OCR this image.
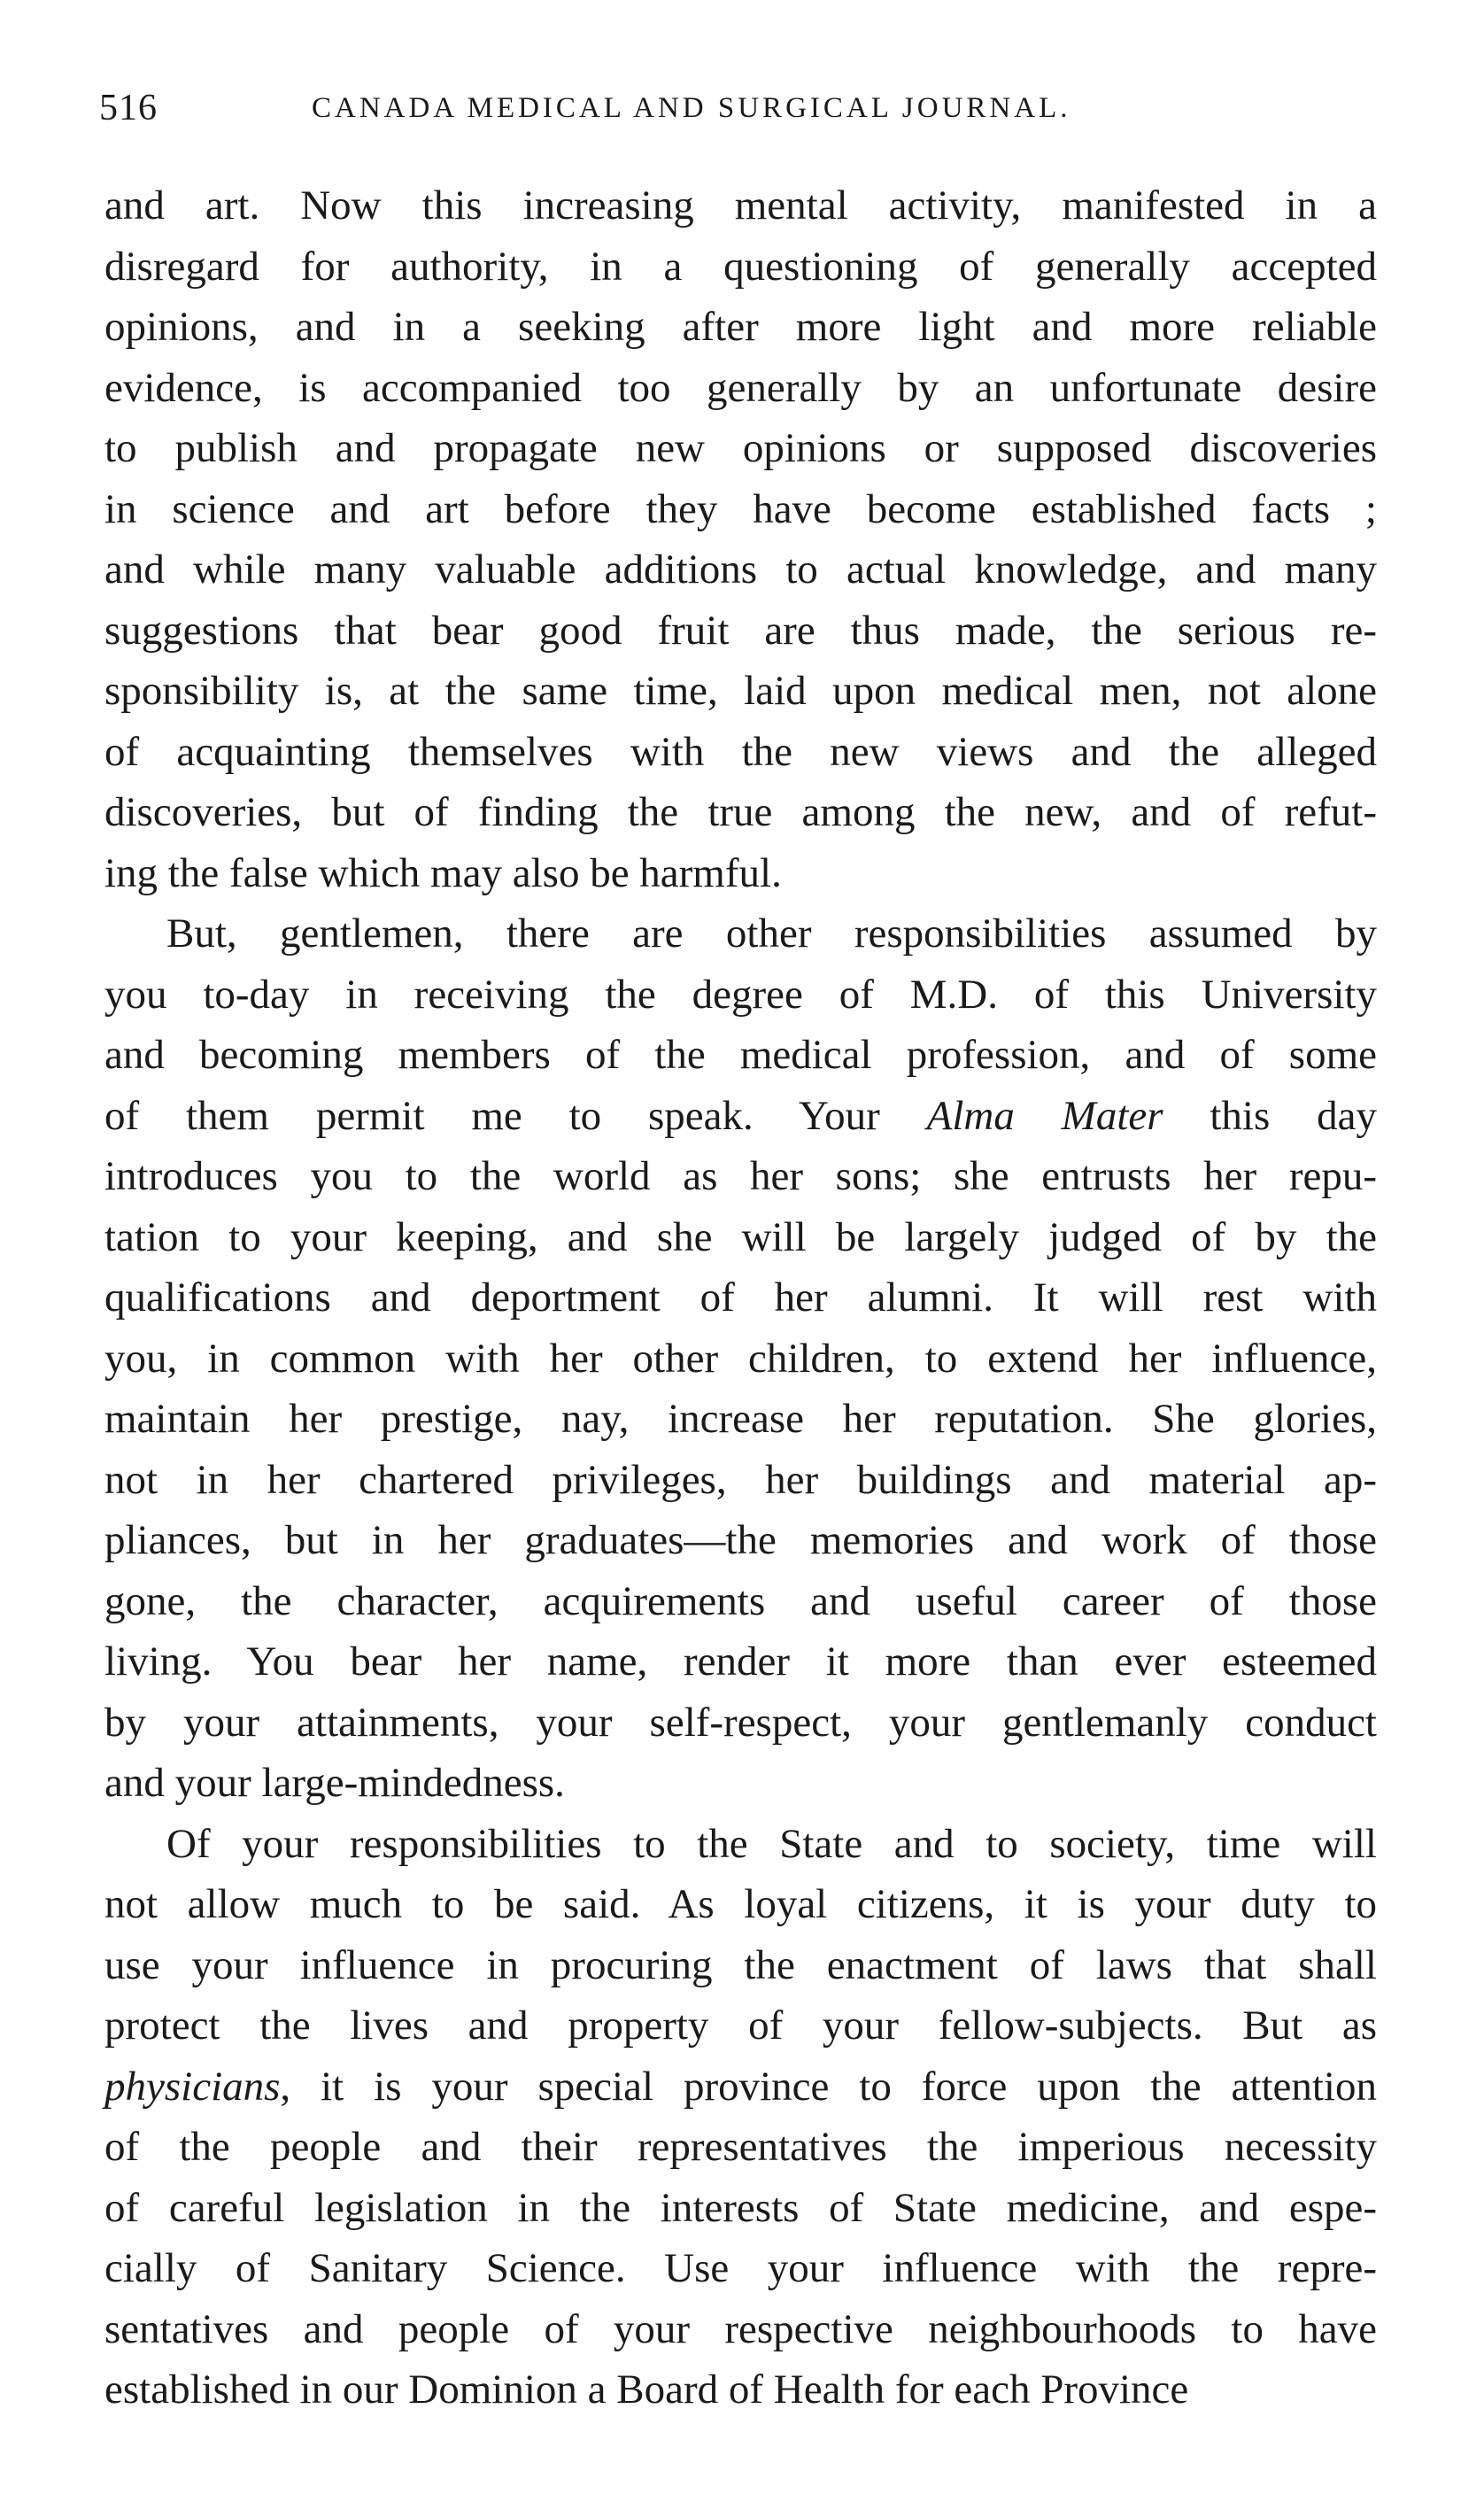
516	CANADA MEDICAL AND SURGICAL JOURNAL.
and art. Now this increasing mental activity, manifested in a
disregard for authority, in a questioning of generally accepted
opinions, and in a seeking after more light and more reliable
evidence, is accompanied too generally by an unfortunate desire
to publish and propagate new opinions or supposed discoveries
in science and art before they have become established facts ;
and while many valuable additions to actual knowledge, and many
suggestions that bear good fruit are thus made, the serious re-
sponsibility is, at the same time, laid upon medical men, not alone
of acquainting themselves with the new views and the alleged
discoveries, but of finding the true among the new, and of refut-
ing the false which may also be harmful.
But, gentlemen, there are other responsibilities assumed by
you to-day in receiving the degree of M.D. of this University
and becoming members of the medical profession, and of some
of them permit me to speak. Your Alma Mater this day
introduces you to the world as her sons; she entrusts her repu-
tation to your keeping, and she will be largely judged of by the
qualifications and deportment of her alumni. It will rest with
you, in common with her other children, to extend her influence,
maintain her prestige, nay, increase her reputation. She glories,
not in her chartered privileges, her buildings and material ap-
pliances, but in her graduates—the memories and work of those
gone, the character, acquirements and useful career of those
living. You bear her name, render it more than ever esteemed
by your attainments, your self-respect, your gentlemanly conduct
and your large-mindedness.
Of your responsibilities to the State and to society, time will
not allow much to be said. As loyal citizens, it is your duty to
use your influence in procuring the enactment of laws that shall
protect the lives and property of your fellow-subjects. But as
physicians, it is your special province to force upon the attention
of the people and their representatives the imperious necessity
of careful legislation in the interests of State medicine, and espe-
cially of Sanitary Science. Use your influence with the repre-
sentatives and people of your respective neighbourhoods to have
established in our Dominion a Board of Health for each Province
